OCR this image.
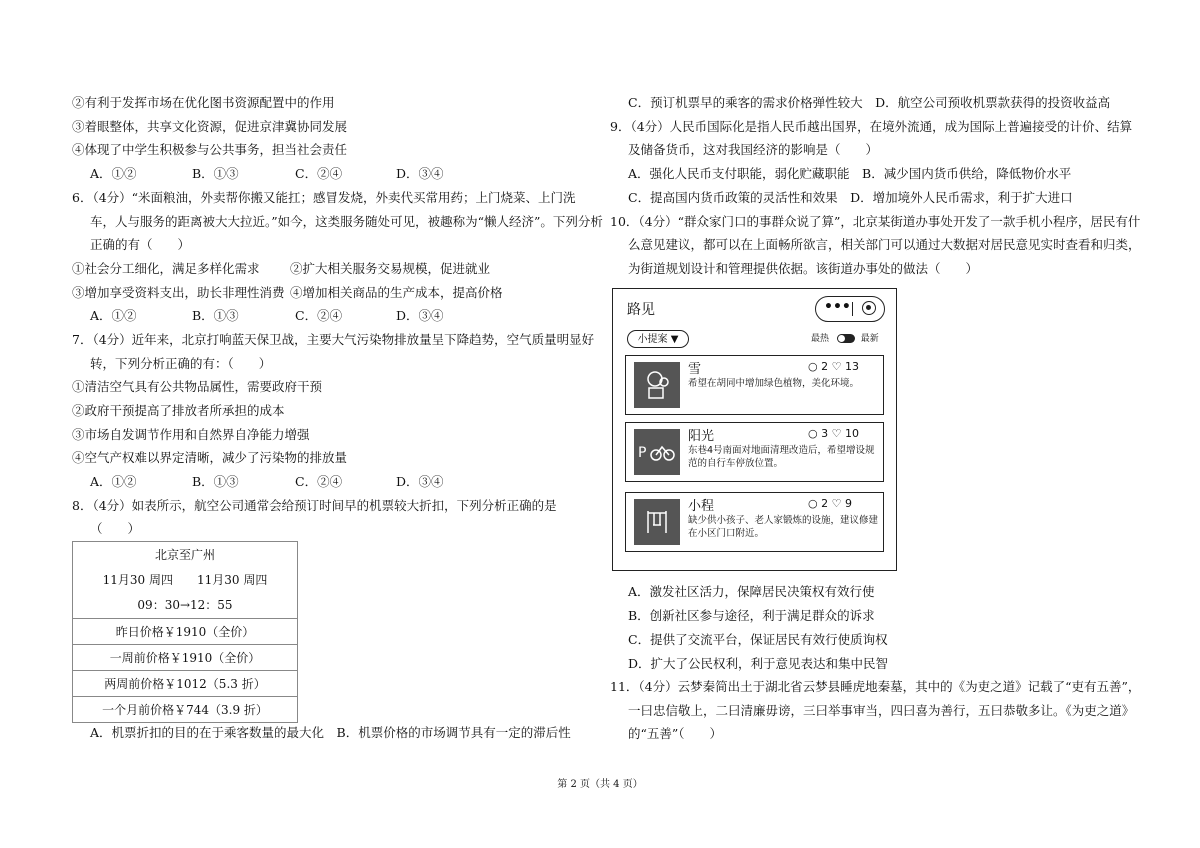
②有利于发挥市场在优化图书资源配置中的作用
③着眼整体，共享文化资源，促进京津冀协同发展
④体现了中学生积极参与公共事务，担当社会责任
A．①②	B．①③	C．②④	D．③④
6．（4分）“米面粮油，外卖帮你搬又能扛；感冒发烧，外卖代买常用药；上门烧菜、上门洗
车，人与服务的距离被大大拉近。”如今，这类服务随处可见，被趣称为“懒人经济”。下列分析
正确的有（　　）
①社会分工细化，满足多样化需求 ②扩大相关服务交易规模，促进就业
③增加享受资料支出，助长非理性消费 ④增加相关商品的生产成本，提高价格
A．①②	B．①③	C．②④	D．③④
7．（4分）近年来，北京打响蓝天保卫战，主要大气污染物排放量呈下降趋势，空气质量明显好
转，下列分析正确的有：（　　）
①清洁空气具有公共物品属性，需要政府干预
②政府干预提高了排放者所承担的成本
③市场自发调节作用和自然界自净能力增强
④空气产权难以界定清晰，减少了污染物的排放量
A．①②	B．①③	C．②④	D．③④
8．（4分）如表所示，航空公司通常会给预订时间早的机票较大折扣，下列分析正确的是
（　　）
北京至广州
11月30 周四　　11月30 周四
09：30→12：55

昨日价格￥1910（全价）
一周前价格￥1910（全价）
两周前价格￥1012（5.3 折）
一个月前价格￥744（3.9 折）
A．机票折扣的目的在于乘客数量的最大化　B．机票价格的市场调节具有一定的滞后性
C．预订机票早的乘客的需求价格弹性较大　D．航空公司预收机票款获得的投资收益高
9．（4分）人民币国际化是指人民币越出国界，在境外流通，成为国际上普遍接受的计价、结算
及储备货币，这对我国经济的影响是（　　）
A．强化人民币支付职能，弱化贮藏职能　B．减少国内货币供给，降低物价水平
C．提高国内货币政策的灵活性和效果　D．增加境外人民币需求，利于扩大进口
10．（4分）“群众家门口的事群众说了算”，北京某街道办事处开发了一款手机小程序，居民有什
么意见建议，都可以在上面畅所欲言，相关部门可以通过大数据对居民意见实时查看和归类，
为街道规划设计和管理提供依据。该街道办事处的做法（　　）
路见	•••
小提案 ▼	最热	最新
雪	○ 2 ♡ 13
希望在胡同中增加绿色植物，美化环境。
P
阳光	○ 3 ♡ 10
东巷4号南面对地面清理改造后，希望增设规范的自行车停放位置。
小程	○ 2 ♡ 9
缺少供小孩子、老人家锻炼的设施，建议修建在小区门口附近。
A．激发社区活力，保障居民决策权有效行使
B．创新社区参与途径，利于满足群众的诉求
C．提供了交流平台，保证居民有效行使质询权
D．扩大了公民权利，利于意见表达和集中民智
11．（4分）云梦秦简出土于湖北省云梦县睡虎地秦墓，其中的《为吏之道》记载了“吏有五善”，
一曰忠信敬上，二曰清廉毋谤，三曰举事审当，四曰喜为善行，五曰恭敬多让。《为吏之道》
的“五善”（　　）
第 2 页（共 4 页）
